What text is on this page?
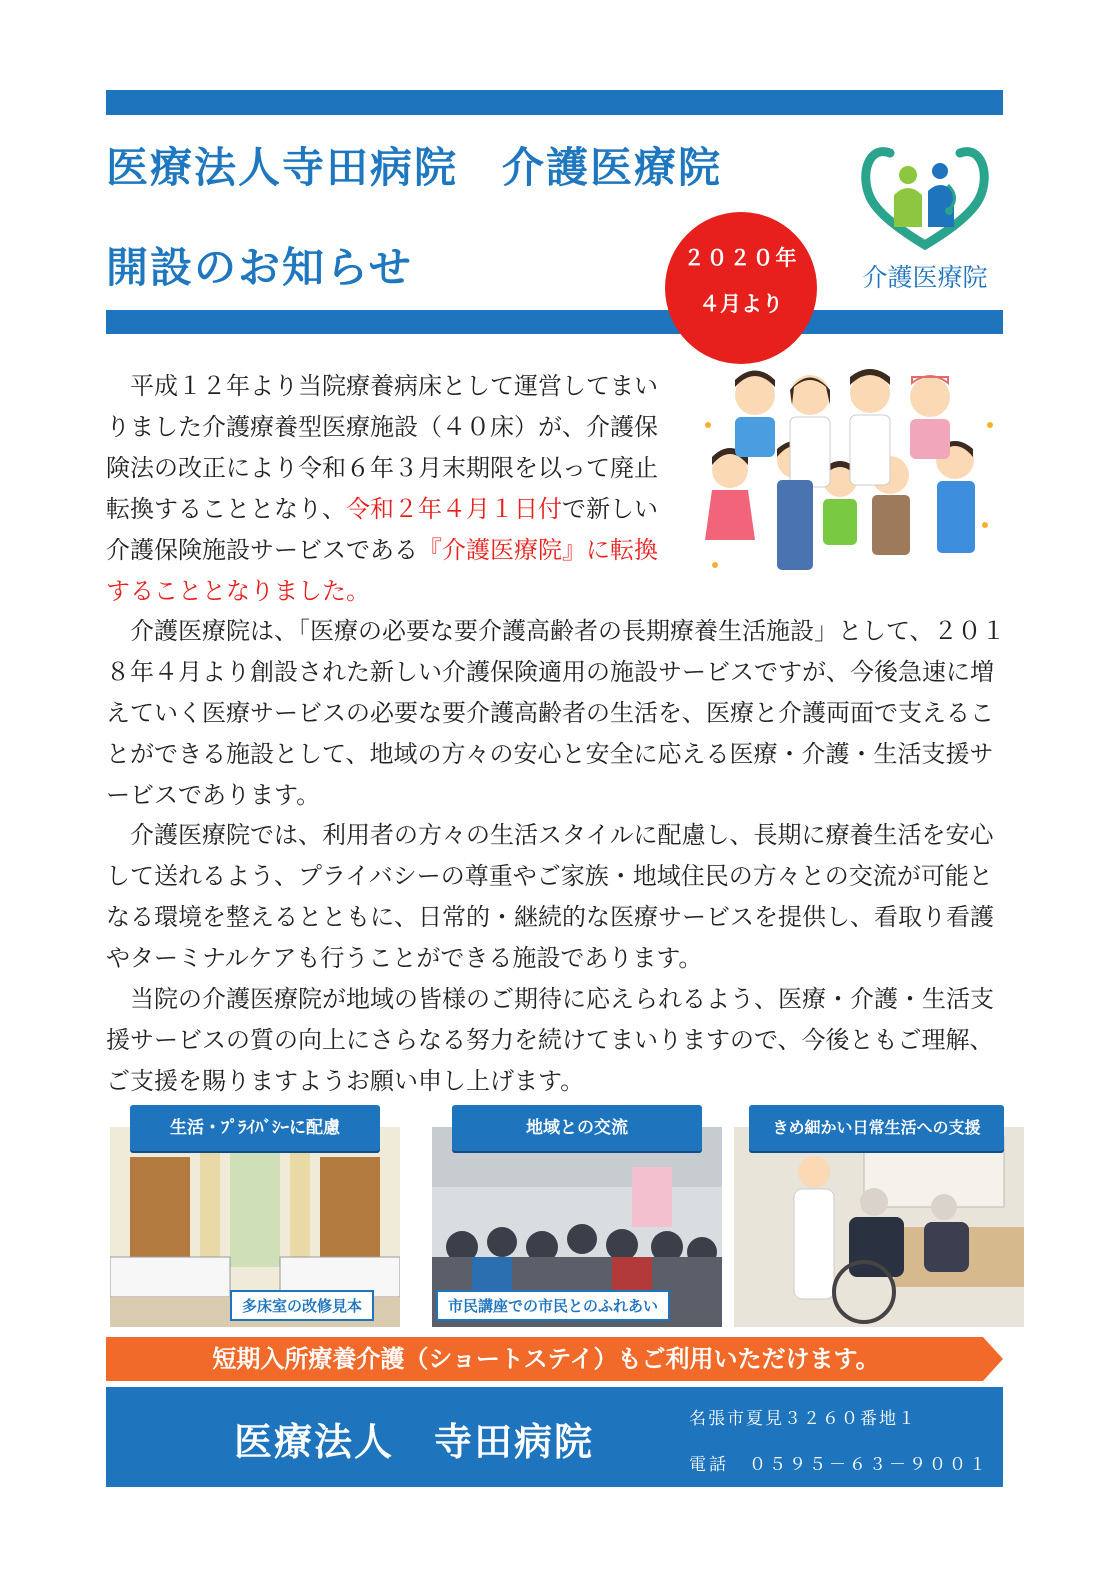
医療法人寺田病院　介護医療院
開設のお知らせ	２０２０年
４月より
介護医療院
　平成１２年より当院療養病床として運営してまいりました介護療養型医療施設（４０床）が、介護保険法の改正により令和６年３月末期限を以って廃止転換することとなり、令和２年４月１日付で新しい介護保険施設サービスである『介護医療院』に転換することとなりました。
　介護医療院は、「医療の必要な要介護高齢者の長期療養生活施設」として、２０１８年４月より創設された新しい介護保険適用の施設サービスですが、今後急速に増えていく医療サービスの必要な要介護高齢者の生活を、医療と介護両面で支えることができる施設として、地域の方々の安心と安全に応える医療・介護・生活支援サービスであります。
　介護医療院では、利用者の方々の生活スタイルに配慮し、長期に療養生活を安心して送れるよう、プライバシーの尊重やご家族・地域住民の方々との交流が可能となる環境を整えるとともに、日常的・継続的な医療サービスを提供し、看取り看護やターミナルケアも行うことができる施設であります。
　当院の介護医療院が地域の皆様のご期待に応えられるよう、医療・介護・生活支援サービスの質の向上にさらなる努力を続けてまいりますので、今後ともご理解、ご支援を賜りますようお願い申し上げます。
生活・ﾌﾟﾗｲﾊﾞｼｰに配慮
多床室の改修見本
地域との交流
市民講座での市民とのふれあい
きめ細かい日常生活への支援
短期入所療養介護（ショートステイ）もご利用いただけます。
医療法人　寺田病院
名張市夏見３２６０番地１
電話　０５９５－６３－９００１
